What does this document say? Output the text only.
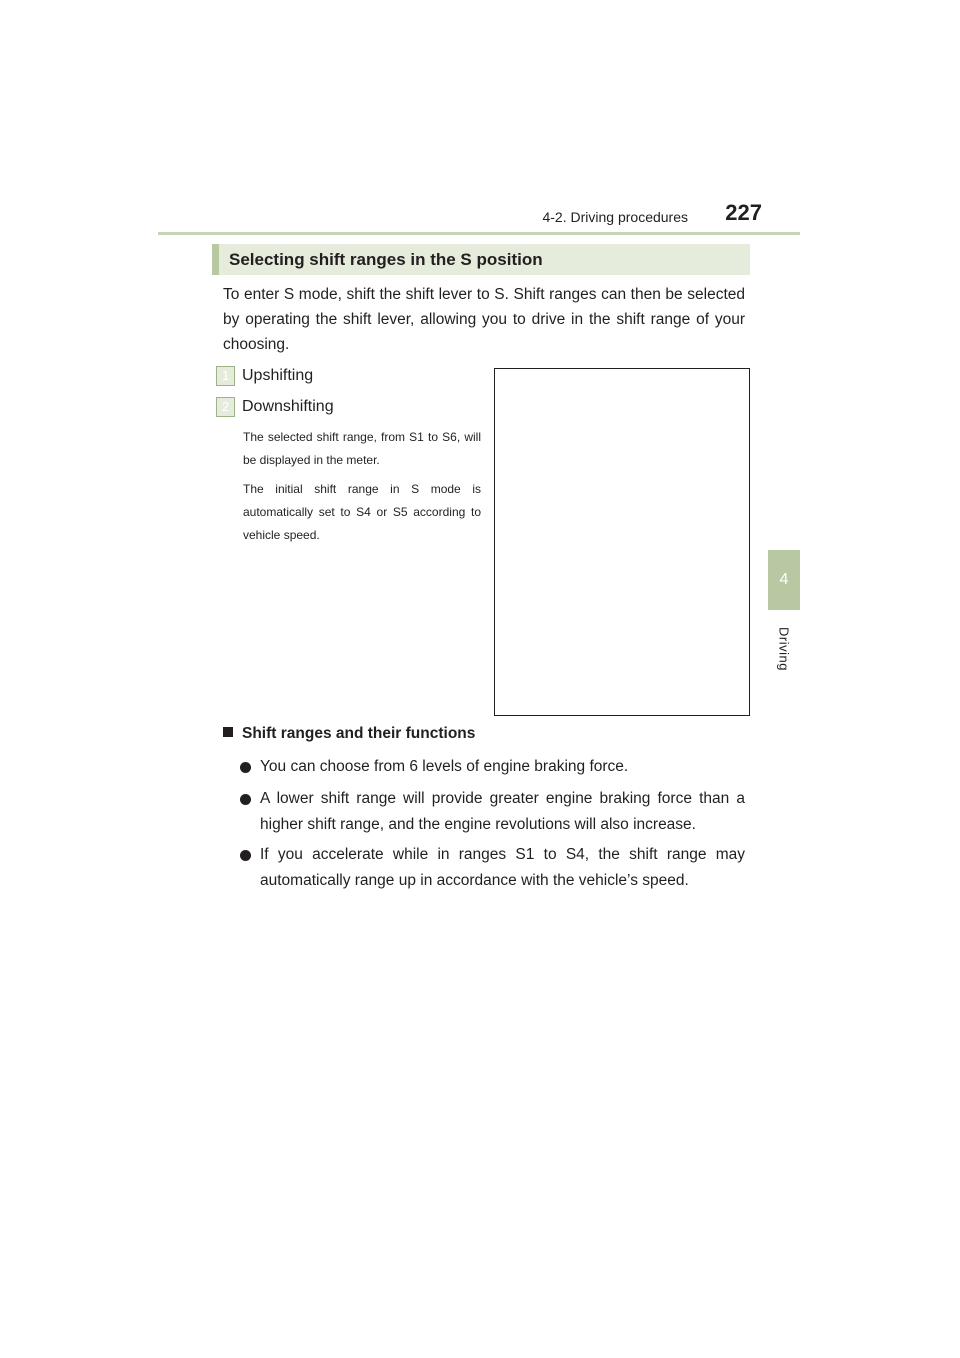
4-2. Driving procedures 227
4
Driving
Selecting shift ranges in the S position
To enter S mode, shift the shift lever to S. Shift ranges can then be selected by operating the shift lever, allowing you to drive in the shift range of your choosing.
1 Upshifting
2 Downshifting
The selected shift range, from S1 to S6, will be displayed in the meter.
The initial shift range in S mode is automatically set to S4 or S5 according to vehicle speed.
Shift ranges and their functions
You can choose from 6 levels of engine braking force.
A lower shift range will provide greater engine braking force than a higher shift range, and the engine revolutions will also increase.
If you accelerate while in ranges S1 to S4, the shift range may automatically range up in accordance with the vehicle’s speed.
